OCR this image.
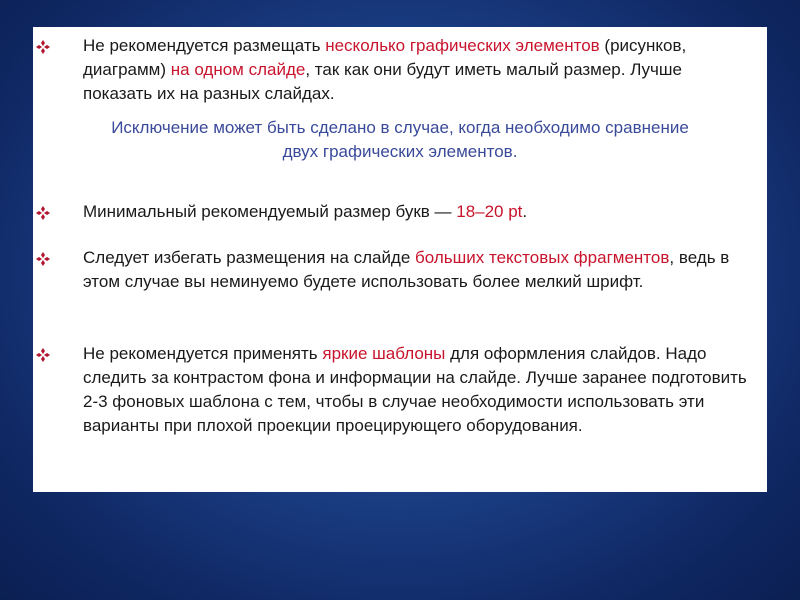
Не рекомендуется размещать несколько графических элементов (рисунков, диаграмм) на одном слайде, так как они будут иметь малый размер. Лучше показать их на разных слайдах.
Исключение может быть сделано в случае, когда необходимо сравнение
двух графических элементов.
Минимальный рекомендуемый размер букв — 18–20 pt.
Следует избегать размещения на слайде больших текстовых фрагментов, ведь в этом случае вы неминуемо будете использовать более мелкий шрифт.
Не рекомендуется применять яркие шаблоны для оформления слайдов. Надо следить за контрастом фона и информации на слайде. Лучше заранее подготовить 2-3 фоновых шаблона с тем, чтобы в случае необходимости использовать эти варианты при плохой проекции проецирующего оборудования.
